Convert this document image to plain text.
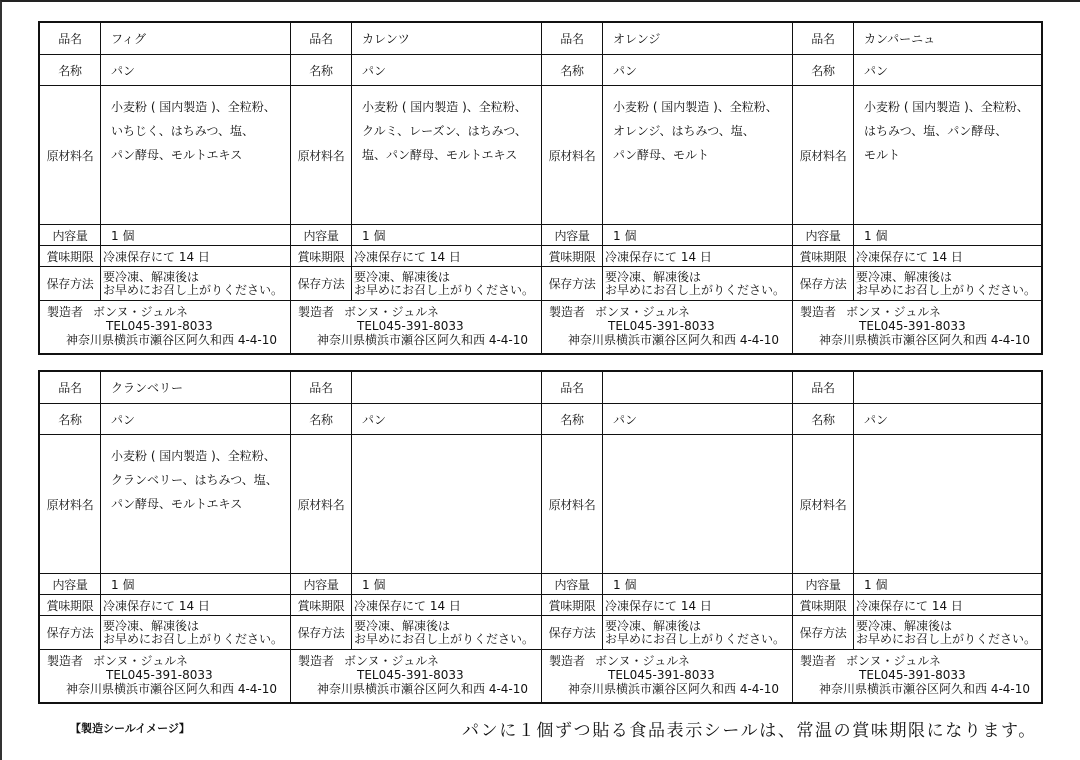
品名	フィグ
名称	パン
原材料名
小麦粉 ( 国内製造 )、全粒粉、
いちじく、はちみつ、塩、
パン酵母、モルトエキス
内容量	1 個
賞味期限 冷凍保存にて 14 日
保存方法
要冷凍、解凍後は
お早めにお召し上がりください。
製造者 ボンヌ・ジュルネ
TEL045-391-8033
神奈川県横浜市瀬谷区阿久和西 4-4-10
品名	カレンツ
名称	パン
原材料名
小麦粉 ( 国内製造 )、全粒粉、
クルミ、レーズン、はちみつ、
塩、パン酵母、モルトエキス
内容量	1 個
賞味期限 冷凍保存にて 14 日
保存方法
要冷凍、解凍後は
お早めにお召し上がりください。
製造者 ボンヌ・ジュルネ
TEL045-391-8033
神奈川県横浜市瀬谷区阿久和西 4-4-10
品名	オレンジ
名称	パン
原材料名
小麦粉 ( 国内製造 )、全粒粉、
オレンジ、はちみつ、塩、
パン酵母、モルト
内容量	1 個
賞味期限 冷凍保存にて 14 日
保存方法
要冷凍、解凍後は
お早めにお召し上がりください。
製造者 ボンヌ・ジュルネ
TEL045-391-8033
神奈川県横浜市瀬谷区阿久和西 4-4-10
品名	カンパーニュ
名称	パン
原材料名
小麦粉 ( 国内製造 )、全粒粉、
はちみつ、塩、パン酵母、
モルト
内容量	1 個
賞味期限 冷凍保存にて 14 日
保存方法
要冷凍、解凍後は
お早めにお召し上がりください。
製造者 ボンヌ・ジュルネ
TEL045-391-8033
神奈川県横浜市瀬谷区阿久和西 4-4-10
品名	クランベリー
名称	パン
原材料名
小麦粉 ( 国内製造 )、全粒粉、
クランベリー、はちみつ、塩、
パン酵母、モルトエキス
内容量	1 個
賞味期限 冷凍保存にて 14 日
保存方法
要冷凍、解凍後は
お早めにお召し上がりください。
製造者 ボンヌ・ジュルネ
TEL045-391-8033
神奈川県横浜市瀬谷区阿久和西 4-4-10
品名
名称	パン
原材料名
内容量	1 個
賞味期限 冷凍保存にて 14 日
保存方法
要冷凍、解凍後は
お早めにお召し上がりください。
製造者 ボンヌ・ジュルネ
TEL045-391-8033
神奈川県横浜市瀬谷区阿久和西 4-4-10
品名
名称	パン
原材料名
内容量	1 個
賞味期限 冷凍保存にて 14 日
保存方法
要冷凍、解凍後は
お早めにお召し上がりください。
製造者 ボンヌ・ジュルネ
TEL045-391-8033
神奈川県横浜市瀬谷区阿久和西 4-4-10
品名
名称	パン
原材料名
内容量	1 個
賞味期限 冷凍保存にて 14 日
保存方法
要冷凍、解凍後は
お早めにお召し上がりください。
製造者 ボンヌ・ジュルネ
TEL045-391-8033
神奈川県横浜市瀬谷区阿久和西 4-4-10
【製造シールイメージ】	パンに１個ずつ貼る食品表示シールは、常温の賞味期限になります。
